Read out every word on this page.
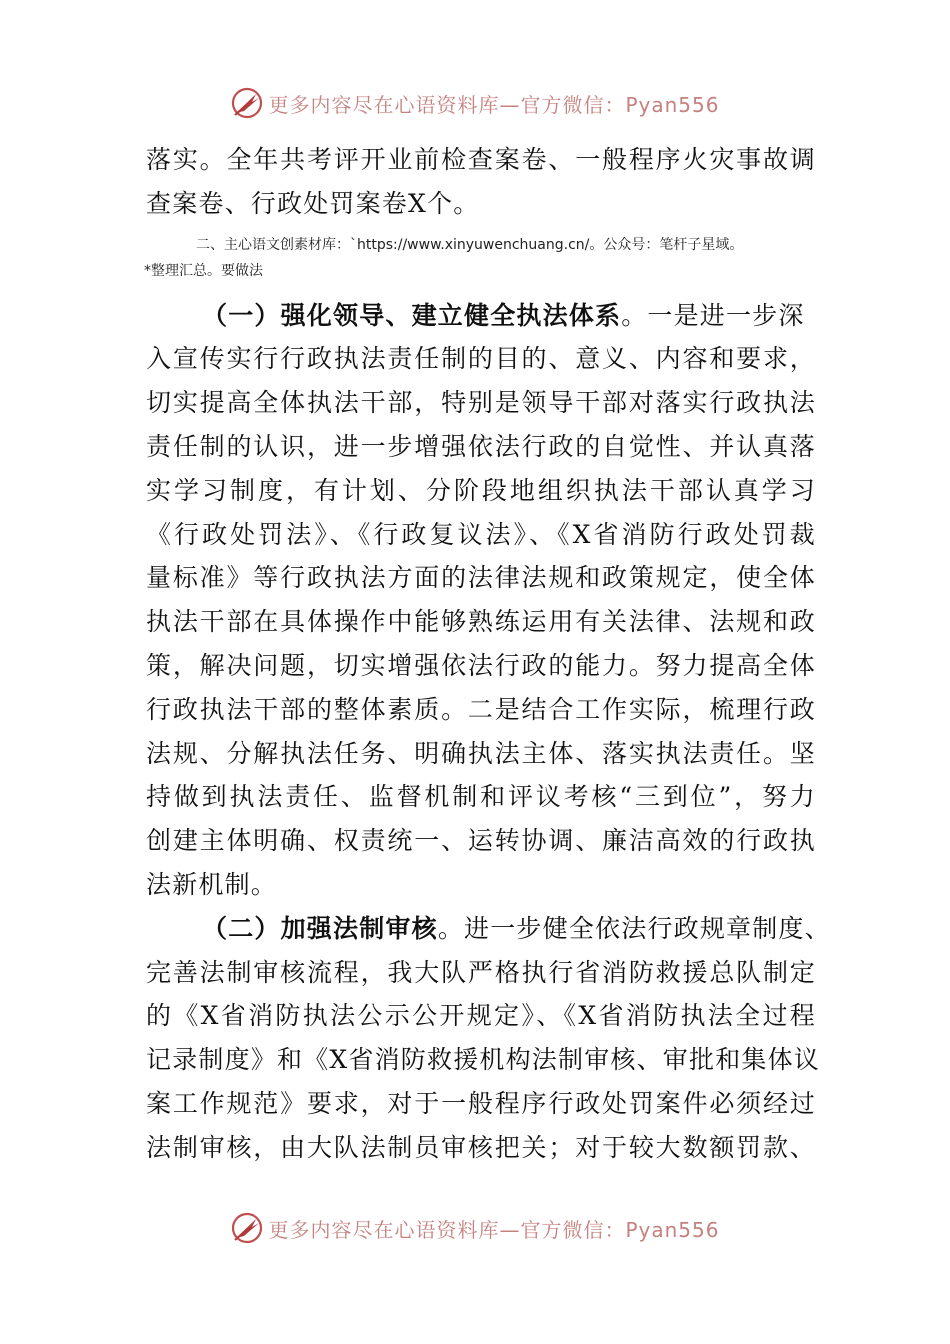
更多内容尽在心语资料库—官方微信：Pyan556
落实。全年共考评开业前检查案卷、一般程序火灾事故调
查案卷、行政处罚案卷X个。
二、主心语文创素材库：`https://www.xinyuwenchuang.cn/。公众号：笔杆子星域。
*整理汇总。要做法
（一）强化领导、建立健全执法体系。一是进一步深
入宣传实行行政执法责任制的目的、意义、内容和要求，
切实提高全体执法干部，特别是领导干部对落实行政执法
责任制的认识，进一步增强依法行政的自觉性、并认真落
实学习制度，有计划、分阶段地组织执法干部认真学习
《行政处罚法》、《行政复议法》、《X省消防行政处罚裁
量标准》等行政执法方面的法律法规和政策规定，使全体
执法干部在具体操作中能够熟练运用有关法律、法规和政
策，解决问题，切实增强依法行政的能力。努力提高全体
行政执法干部的整体素质。二是结合工作实际，梳理行政
法规、分解执法任务、明确执法主体、落实执法责任。坚
持做到执法责任、监督机制和评议考核“三到位”，努力
创建主体明确、权责统一、运转协调、廉洁高效的行政执
法新机制。
（二）加强法制审核。进一步健全依法行政规章制度、
完善法制审核流程，我大队严格执行省消防救援总队制定
的《X省消防执法公示公开规定》、《X省消防执法全过程
记录制度》和《X省消防救援机构法制审核、审批和集体议
案工作规范》要求，对于一般程序行政处罚案件必须经过
法制审核，由大队法制员审核把关；对于较大数额罚款、
更多内容尽在心语资料库—官方微信：Pyan556
